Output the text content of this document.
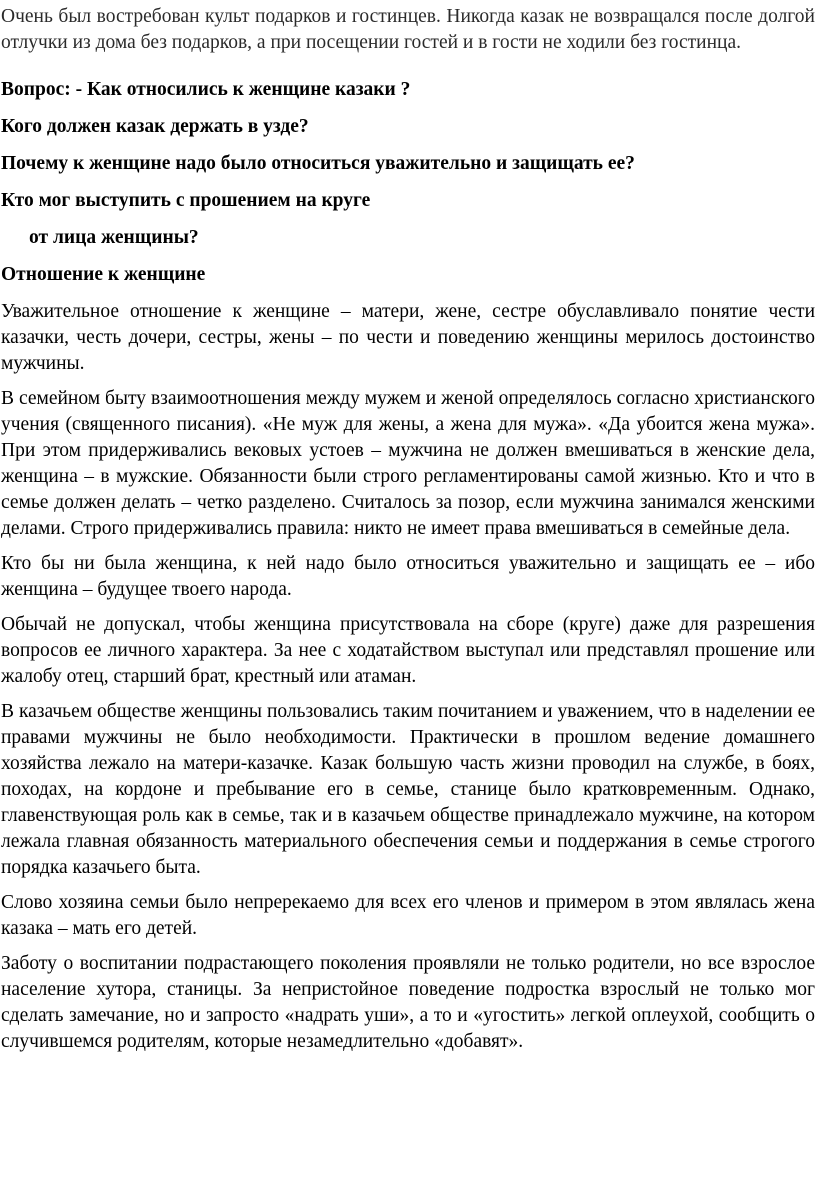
Очень был востребован культ подарков и гостинцев. Никогда казак не возвращался после долгой отлучки из дома без подарков, а при посещении гостей и в гости не ходили без гостинца.

Вопрос: - Как относились к женщине казаки ?

Кого должен казак держать в узде?

Почему к женщине надо было относиться уважительно и защищать ее?

Кто мог выступить с прошением на круге

от лица женщины?

Отношение к женщине

Уважительное отношение к женщине – матери, жене, сестре обуславливало понятие чести казачки, честь дочери, сестры, жены – по чести и поведению женщины мерилось достоинство мужчины.

В семейном быту взаимоотношения между мужем и женой определялось согласно христианского учения (священного писания). «Не муж для жены, а жена для мужа». «Да убоится жена мужа». При этом придерживались вековых устоев – мужчина не должен вмешиваться в женские дела, женщина – в мужские. Обязанности были строго регламентированы самой жизнью. Кто и что в семье должен делать – четко разделено. Считалось за позор, если мужчина занимался женскими делами. Строго придерживались правила: никто не имеет права вмешиваться в семейные дела.

Кто бы ни была женщина, к ней надо было относиться уважительно и защищать ее – ибо женщина – будущее твоего народа.

Обычай не допускал, чтобы женщина присутствовала на сборе (круге) даже для разрешения вопросов ее личного характера. За нее с ходатайством выступал или представлял прошение или жалобу отец, старший брат, крестный или атаман.

В казачьем обществе женщины пользовались таким почитанием и уважением, что в наделении ее правами мужчины не было необходимости. Практически в прошлом ведение домашнего хозяйства лежало на матери-казачке. Казак большую часть жизни проводил на службе, в боях, походах, на кордоне и пребывание его в семье, станице было кратковременным. Однако, главенствующая роль как в семье, так и в казачьем обществе принадлежало мужчине, на котором лежала главная обязанность материального обеспечения семьи и поддержания в семье строгого порядка казачьего быта.

Слово хозяина семьи было непререкаемо для всех его членов и примером в этом являлась жена казака – мать его детей.

Заботу о воспитании подрастающего поколения проявляли не только родители, но все взрослое население хутора, станицы. За непристойное поведение подростка взрослый не только мог сделать замечание, но и запросто «надрать уши», а то и «угостить» легкой оплеухой, сообщить о случившемся родителям, которые незамедлительно «добавят».
